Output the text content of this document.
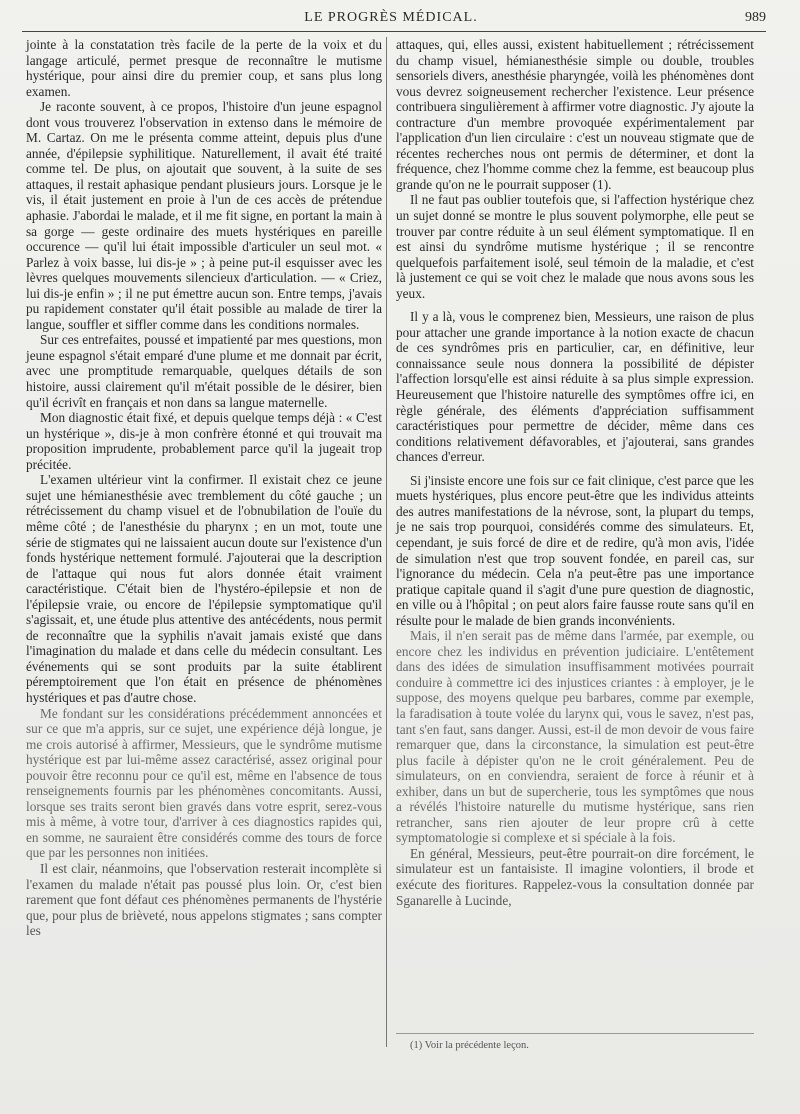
LE PROGRÈS MÉDICAL.	989

jointe à la constatation très facile de la perte de la voix et du langage articulé, permet presque de reconnaître le mutisme hystérique, pour ainsi dire du premier coup, et sans plus long examen.

Je raconte souvent, à ce propos, l'histoire d'un jeune espagnol dont vous trouverez l'observation in extenso dans le mémoire de M. Cartaz. On me le présenta comme atteint, depuis plus d'une année, d'épilepsie syphilitique. Naturellement, il avait été traité comme tel. De plus, on ajoutait que souvent, à la suite de ses attaques, il restait aphasique pendant plusieurs jours. Lorsque je le vis, il était justement en proie à l'un de ces accès de prétendue aphasie. J'abordai le malade, et il me fit signe, en portant la main à sa gorge — geste ordinaire des muets hystériques en pareille occurence — qu'il lui était impossible d'articuler un seul mot. « Parlez à voix basse, lui dis-je » ; à peine put-il esquisser avec les lèvres quelques mouvements silencieux d'articulation. — « Criez, lui dis-je enfin » ; il ne put émettre aucun son. Entre temps, j'avais pu rapidement constater qu'il était possible au malade de tirer la langue, souffler et siffler comme dans les conditions normales.

Sur ces entrefaites, poussé et impatienté par mes questions, mon jeune espagnol s'était emparé d'une plume et me donnait par écrit, avec une promptitude remarquable, quelques détails de son histoire, aussi clairement qu'il m'était possible de le désirer, bien qu'il écrivît en français et non dans sa langue maternelle.

Mon diagnostic était fixé, et depuis quelque temps déjà : « C'est un hystérique », dis-je à mon confrère étonné et qui trouvait ma proposition imprudente, probablement parce qu'il la jugeait trop précitée.

L'examen ultérieur vint la confirmer. Il existait chez ce jeune sujet une hémianesthésie avec tremblement du côté gauche ; un rétrécissement du champ visuel et de l'obnubilation de l'ouïe du même côté ; de l'anesthésie du pharynx ; en un mot, toute une série de stigmates qui ne laissaient aucun doute sur l'existence d'un fonds hystérique nettement formulé. J'ajouterai que la description de l'attaque qui nous fut alors donnée était vraiment caractéristique. C'était bien de l'hystéro-épilepsie et non de l'épilepsie vraie, ou encore de l'épilepsie symptomatique qu'il s'agissait, et, une étude plus attentive des antécédents, nous permit de reconnaître que la syphilis n'avait jamais existé que dans l'imagination du malade et dans celle du médecin consultant. Les événements qui se sont produits par la suite établirent péremptoirement que l'on était en présence de phénomènes hystériques et pas d'autre chose.

Me fondant sur les considérations précédemment annoncées et sur ce que m'a appris, sur ce sujet, une expérience déjà longue, je me crois autorisé à affirmer, Messieurs, que le syndrôme mutisme hystérique est par lui-même assez caractérisé, assez original pour pouvoir être reconnu pour ce qu'il est, même en l'absence de tous renseignements fournis par les phénomènes concomitants. Aussi, lorsque ses traits seront bien gravés dans votre esprit, serez-vous mis à même, à votre tour, d'arriver à ces diagnostics rapides qui, en somme, ne sauraient être considérés comme des tours de force que par les personnes non initiées.

Il est clair, néanmoins, que l'observation resterait incomplète si l'examen du malade n'était pas poussé plus loin. Or, c'est bien rarement que font défaut ces phénomènes permanents de l'hystérie que, pour plus de brièveté, nous appelons stigmates ; sans compter les

attaques, qui, elles aussi, existent habituellement ; rétrécissement du champ visuel, hémianesthésie simple ou double, troubles sensoriels divers, anesthésie pharyngée, voilà les phénomènes dont vous devrez soigneusement rechercher l'existence. Leur présence contribuera singulièrement à affirmer votre diagnostic. J'y ajoute la contracture d'un membre provoquée expérimentalement par l'application d'un lien circulaire : c'est un nouveau stigmate que de récentes recherches nous ont permis de déterminer, et dont la fréquence, chez l'homme comme chez la femme, est beaucoup plus grande qu'on ne le pourrait supposer (1).

Il ne faut pas oublier toutefois que, si l'affection hystérique chez un sujet donné se montre le plus souvent polymorphe, elle peut se trouver par contre réduite à un seul élément symptomatique. Il en est ainsi du syndrôme mutisme hystérique ; il se rencontre quelquefois parfaitement isolé, seul témoin de la maladie, et c'est là justement ce qui se voit chez le malade que nous avons sous les yeux.

Il y a là, vous le comprenez bien, Messieurs, une raison de plus pour attacher une grande importance à la notion exacte de chacun de ces syndrômes pris en particulier, car, en définitive, leur connaissance seule nous donnera la possibilité de dépister l'affection lorsqu'elle est ainsi réduite à sa plus simple expression. Heureusement que l'histoire naturelle des symptômes offre ici, en règle générale, des éléments d'appréciation suffisamment caractéristiques pour permettre de décider, même dans ces conditions relativement défavorables, et j'ajouterai, sans grandes chances d'erreur.

Si j'insiste encore une fois sur ce fait clinique, c'est parce que les muets hystériques, plus encore peut-être que les individus atteints des autres manifestations de la névrose, sont, la plupart du temps, je ne sais trop pourquoi, considérés comme des simulateurs. Et, cependant, je suis forcé de dire et de redire, qu'à mon avis, l'idée de simulation n'est que trop souvent fondée, en pareil cas, sur l'ignorance du médecin. Cela n'a peut-être pas une importance pratique capitale quand il s'agit d'une pure question de diagnostic, en ville ou à l'hôpital ; on peut alors faire fausse route sans qu'il en résulte pour le malade de bien grands inconvénients.

Mais, il n'en serait pas de même dans l'armée, par exemple, ou encore chez les individus en prévention judiciaire. L'entêtement dans des idées de simulation insuffisamment motivées pourrait conduire à commettre ici des injustices criantes : à employer, je le suppose, des moyens quelque peu barbares, comme par exemple, la faradisation à toute volée du larynx qui, vous le savez, n'est pas, tant s'en faut, sans danger. Aussi, est-il de mon devoir de vous faire remarquer que, dans la circonstance, la simulation est peut-être plus facile à dépister qu'on ne le croit généralement. Peu de simulateurs, on en conviendra, seraient de force à réunir et à exhiber, dans un but de supercherie, tous les symptômes que nous a révélés l'histoire naturelle du mutisme hystérique, sans rien retrancher, sans rien ajouter de leur propre crû à cette symptomatologie si complexe et si spéciale à la fois.

En général, Messieurs, peut-être pourrait-on dire forcément, le simulateur est un fantaisiste. Il imagine volontiers, il brode et exécute des fioritures. Rappelez-vous la consultation donnée par Sganarelle à Lucinde,

(1) Voir la précédente leçon.
